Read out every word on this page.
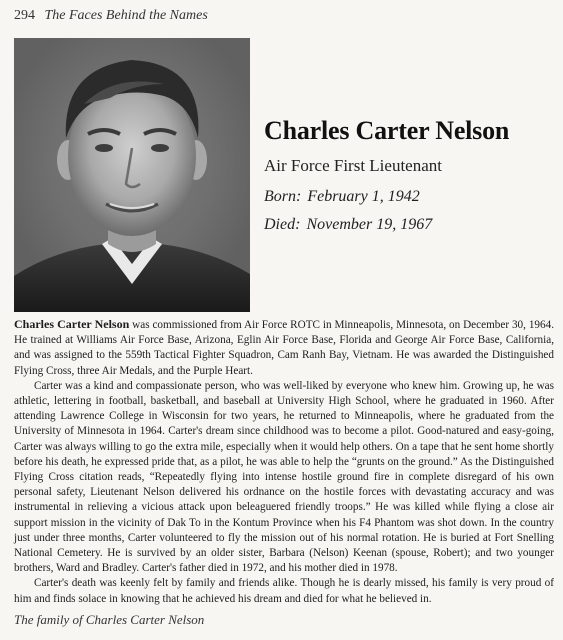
294 The Faces Behind the Names
Charles Carter Nelson
Air Force First Lieutenant
Born: February 1, 1942
Died: November 19, 1967

Charles Carter Nelson was commissioned from Air Force ROTC in Minneapolis, Minnesota, on December 30, 1964. He trained at Williams Air Force Base, Arizona, Eglin Air Force Base, Florida and George Air Force Base, California, and was assigned to the 559th Tactical Fighter Squadron, Cam Ranh Bay, Vietnam. He was awarded the Distinguished Flying Cross, three Air Medals, and the Purple Heart.

Carter was a kind and compassionate person, who was well-liked by everyone who knew him. Growing up, he was athletic, lettering in football, basketball, and baseball at University High School, where he graduated in 1960. After attending Lawrence College in Wisconsin for two years, he returned to Minneapolis, where he graduated from the University of Minnesota in 1964. Carter's dream since childhood was to become a pilot. Good-natured and easy-going, Carter was always willing to go the extra mile, especially when it would help others. On a tape that he sent home shortly before his death, he expressed pride that, as a pilot, he was able to help the “grunts on the ground.” As the Distinguished Flying Cross citation reads, “Repeatedly flying into intense hostile ground fire in complete disregard of his own personal safety, Lieutenant Nelson delivered his ordnance on the hostile forces with devastating accuracy and was instrumental in relieving a vicious attack upon beleaguered friendly troops.” He was killed while flying a close air support mission in the vicinity of Dak To in the Kontum Province when his F4 Phantom was shot down. In the country just under three months, Carter volunteered to fly the mission out of his normal rotation. He is buried at Fort Snelling National Cemetery. He is survived by an older sister, Barbara (Nelson) Keenan (spouse, Robert); and two younger brothers, Ward and Bradley. Carter's father died in 1972, and his mother died in 1978.

Carter's death was keenly felt by family and friends alike. Though he is dearly missed, his family is very proud of him and finds solace in knowing that he achieved his dream and died for what he believed in.

The family of Charles Carter Nelson
